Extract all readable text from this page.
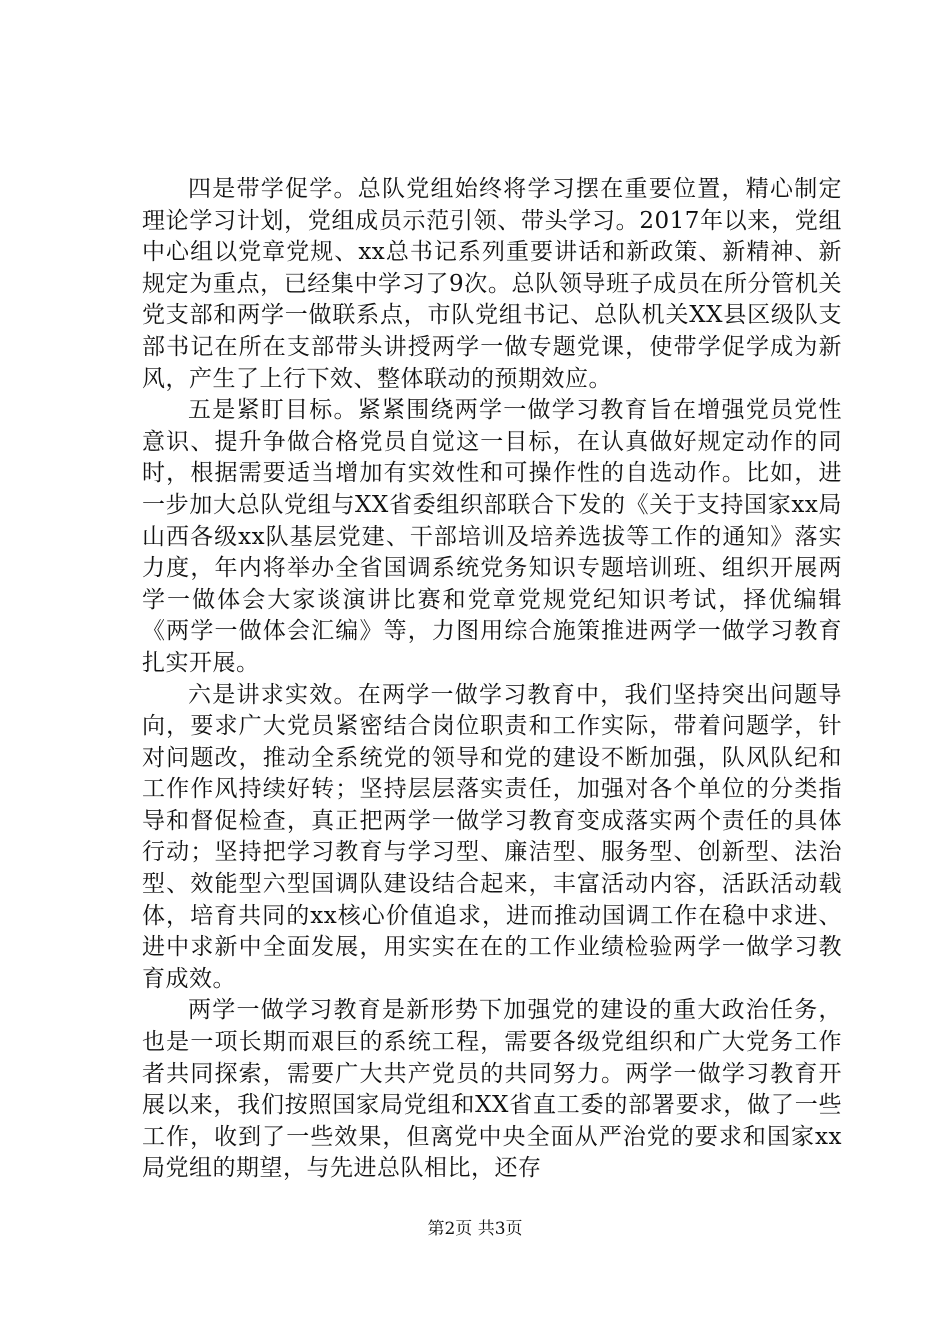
四是带学促学。总队党组始终将学习摆在重要位置，精心制定理论学习计划，党组成员示范引领、带头学习。2017年以来，党组中心组以党章党规、xx总书记系列重要讲话和新政策、新精神、新规定为重点，已经集中学习了9次。总队领导班子成员在所分管机关党支部和两学一做联系点，市队党组书记、总队机关XX县区级队支部书记在所在支部带头讲授两学一做专题党课，使带学促学成为新风，产生了上行下效、整体联动的预期效应。

五是紧盯目标。紧紧围绕两学一做学习教育旨在增强党员党性意识、提升争做合格党员自觉这一目标，在认真做好规定动作的同时，根据需要适当增加有实效性和可操作性的自选动作。比如，进一步加大总队党组与XX省委组织部联合下发的《关于支持国家xx局山西各级xx队基层党建、干部培训及培养选拔等工作的通知》落实力度，年内将举办全省国调系统党务知识专题培训班、组织开展两学一做体会大家谈演讲比赛和党章党规党纪知识考试，择优编辑《两学一做体会汇编》等，力图用综合施策推进两学一做学习教育扎实开展。

六是讲求实效。在两学一做学习教育中，我们坚持突出问题导向，要求广大党员紧密结合岗位职责和工作实际，带着问题学，针对问题改，推动全系统党的领导和党的建设不断加强，队风队纪和工作作风持续好转；坚持层层落实责任，加强对各个单位的分类指导和督促检查，真正把两学一做学习教育变成落实两个责任的具体行动；坚持把学习教育与学习型、廉洁型、服务型、创新型、法治型、效能型六型国调队建设结合起来，丰富活动内容，活跃活动载体，培育共同的xx核心价值追求，进而推动国调工作在稳中求进、进中求新中全面发展，用实实在在的工作业绩检验两学一做学习教育成效。

两学一做学习教育是新形势下加强党的建设的重大政治任务，也是一项长期而艰巨的系统工程，需要各级党组织和广大党务工作者共同探索，需要广大共产党员的共同努力。两学一做学习教育开展以来，我们按照国家局党组和XX省直工委的部署要求，做了一些工作，收到了一些效果，但离党中央全面从严治党的要求和国家xx局党组的期望，与先进总队相比，还存

第2页 共3页
